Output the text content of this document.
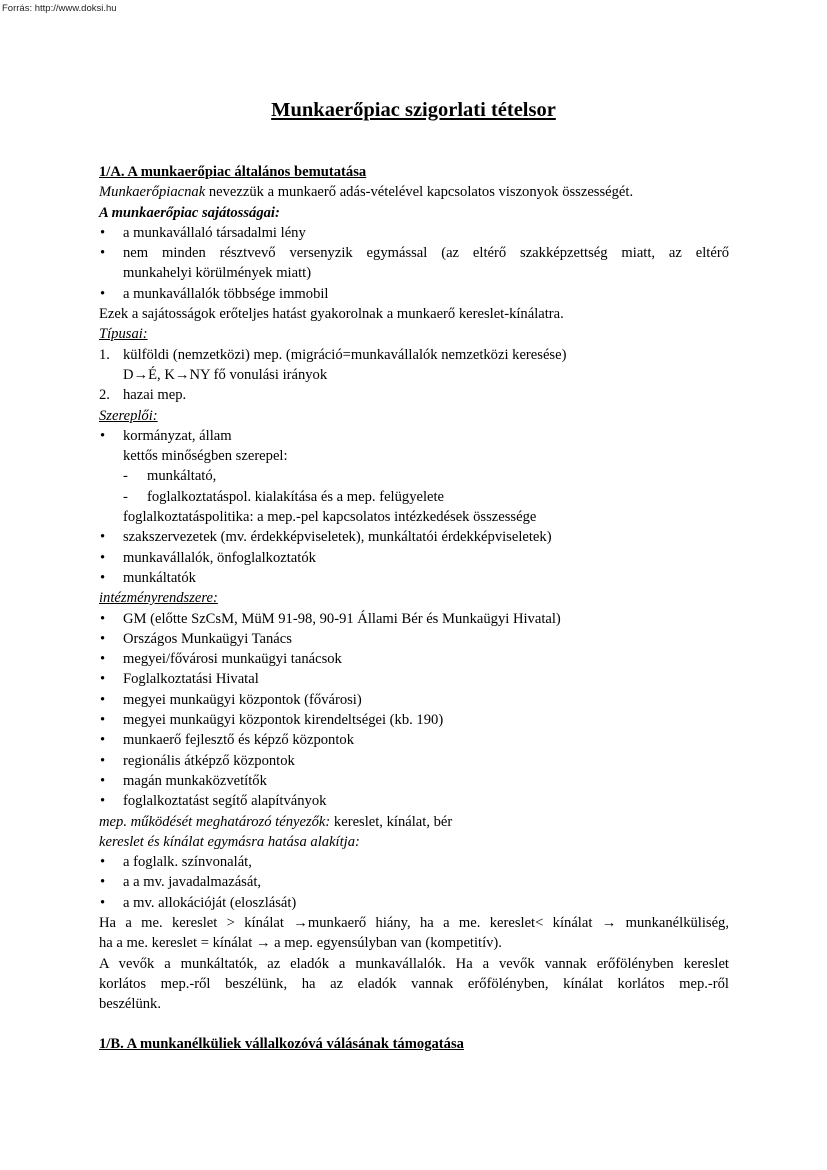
Forrás: http://www.doksi.hu
Munkaerőpiac szigorlati tételsor
1/A. A munkaerőpiac általános bemutatása
Munkaerőpiacnak nevezzük a munkaerő adás-vételével kapcsolatos viszonyok összességét.
A munkaerőpiac sajátosságai:
• a munkavállaló társadalmi lény
• nem minden résztvevő versenyzik egymással (az eltérő szakképzettség miatt, az eltérő
munkahelyi körülmények miatt)
• a munkavállalók többsége immobil
Ezek a sajátosságok erőteljes hatást gyakorolnak a munkaerő kereslet-kínálatra.
Típusai:
1. külföldi (nemzetközi) mep. (migráció=munkavállalók nemzetközi keresése)
D→É, K→NY fő vonulási irányok
2. hazai mep.
Szereplői:
• kormányzat, állam
kettős minőségben szerepel:
- munkáltató,
- foglalkoztatáspol. kialakítása és a mep. felügyelete
foglalkoztatáspolitika: a mep.-pel kapcsolatos intézkedések összessége
• szakszervezetek (mv. érdekképviseletek), munkáltatói érdekképviseletek)
• munkavállalók, önfoglalkoztatók
• munkáltatók
intézményrendszere:
• GM (előtte SzCsM, MüM 91-98, 90-91 Állami Bér és Munkaügyi Hivatal)
• Országos Munkaügyi Tanács
• megyei/fővárosi munkaügyi tanácsok
• Foglalkoztatási Hivatal
• megyei munkaügyi központok (fővárosi)
• megyei munkaügyi központok kirendeltségei (kb. 190)
• munkaerő fejlesztő és képző központok
• regionális átképző központok
• magán munkaközvetítők
• foglalkoztatást segítő alapítványok
mep. működését meghatározó tényezők: kereslet, kínálat, bér
kereslet és kínálat egymásra hatása alakítja:
• a foglalk. színvonalát,
• a a mv. javadalmazását,
• a mv. allokációját (eloszlását)
Ha a me. kereslet > kínálat →munkaerő hiány, ha a me. kereslet< kínálat → munkanélküliség,
ha a me. kereslet = kínálat → a mep. egyensúlyban van (kompetitív).
A vevők a munkáltatók, az eladók a munkavállalók. Ha a vevők vannak erőfölényben kereslet
korlátos mep.-ről beszélünk, ha az eladók vannak erőfölényben, kínálat korlátos mep.-ről
beszélünk.
1/B. A munkanélküliek vállalkozóvá válásának támogatása
